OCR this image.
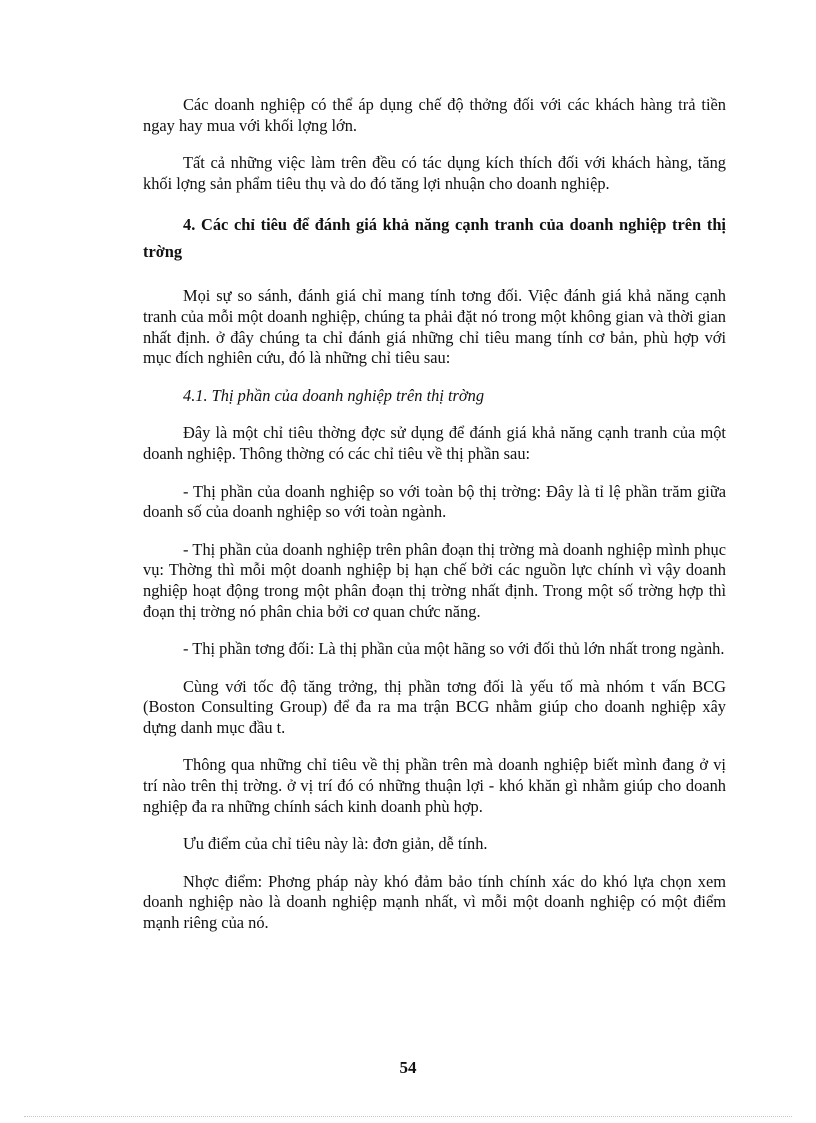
Các doanh nghiệp có thể áp dụng chế độ thởng đối với các khách hàng trả tiền ngay hay mua với khối lợng lớn.

Tất cả những việc làm trên đều có tác dụng kích thích đối với khách hàng, tăng khối lợng sản phẩm tiêu thụ và do đó tăng lợi nhuận cho doanh nghiệp.

4. Các chỉ tiêu để đánh giá khả năng cạnh tranh của doanh nghiệp trên thị trờng

Mọi sự so sánh, đánh giá chỉ mang tính tơng đối. Việc đánh giá khả năng cạnh tranh của mỗi một doanh nghiệp, chúng ta phải đặt nó trong một không gian và thời gian nhất định. ở đây chúng ta chỉ đánh giá những chỉ tiêu mang tính cơ bản, phù hợp với mục đích nghiên cứu, đó là những chỉ tiêu sau:

4.1. Thị phần của doanh nghiệp trên thị trờng

Đây là một chỉ tiêu thờng đợc sử dụng để đánh giá khả năng cạnh tranh của một doanh nghiệp. Thông thờng có các chỉ tiêu về thị phần sau:

- Thị phần của doanh nghiệp so với toàn bộ thị trờng: Đây là tỉ lệ phần trăm giữa doanh số của doanh nghiệp so với toàn ngành.

- Thị phần của doanh nghiệp trên phân đoạn thị trờng mà doanh nghiệp mình phục vụ: Thờng thì mỗi một doanh nghiệp bị hạn chế bởi các nguồn lực chính vì vậy doanh nghiệp hoạt động trong một phân đoạn thị trờng nhất định. Trong một số trờng hợp thì đoạn thị trờng nó phân chia bởi cơ quan chức năng.

- Thị phần tơng đối: Là thị phần của một hãng so với đối thủ lớn nhất trong ngành.

Cùng với tốc độ tăng trởng, thị phần tơng đối là yếu tố mà nhóm t vấn BCG (Boston Consulting Group) để đa ra ma trận BCG nhằm giúp cho doanh nghiệp xây dựng danh mục đầu t.

Thông qua những chỉ tiêu về thị phần trên mà doanh nghiệp biết mình đang ở vị trí nào trên thị trờng. ở vị trí đó có những thuận lợi - khó khăn gì nhằm giúp cho doanh nghiệp đa ra những chính sách kinh doanh phù hợp.

Ưu điểm của chỉ tiêu này là: đơn giản, dễ tính.

Nhợc điểm: Phơng pháp này khó đảm bảo tính chính xác do khó lựa chọn xem doanh nghiệp nào là doanh nghiệp mạnh nhất, vì mỗi một doanh nghiệp có một điểm mạnh riêng của nó.

54
